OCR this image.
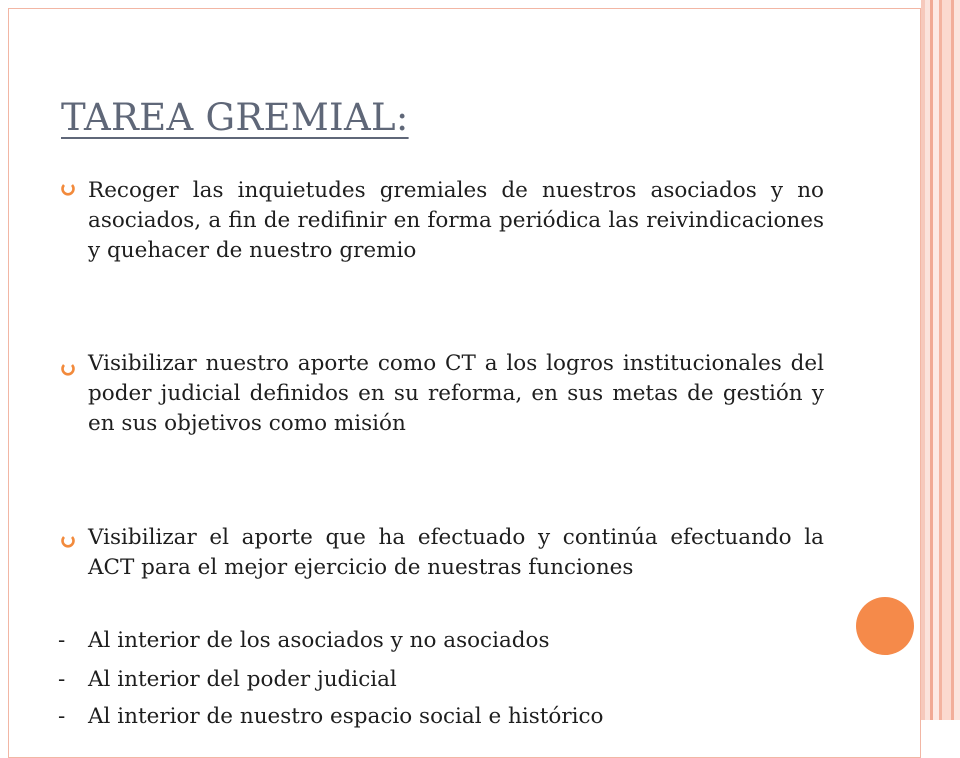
TAREA GREMIAL:

Recoger las inquietudes gremiales de nuestros asociados y no asociados, a fin de redifinir en forma periódica las reivindicaciones y quehacer de nuestro gremio

Visibilizar nuestro aporte como CT a los logros institucionales del poder judicial definidos en su reforma, en sus metas de gestión y en sus objetivos como misión

Visibilizar el aporte que ha efectuado y continúa efectuando la ACT para el mejor ejercicio de nuestras funciones

- Al interior de los asociados y no asociados
- Al interior del poder judicial
- Al interior de nuestro espacio social e histórico
